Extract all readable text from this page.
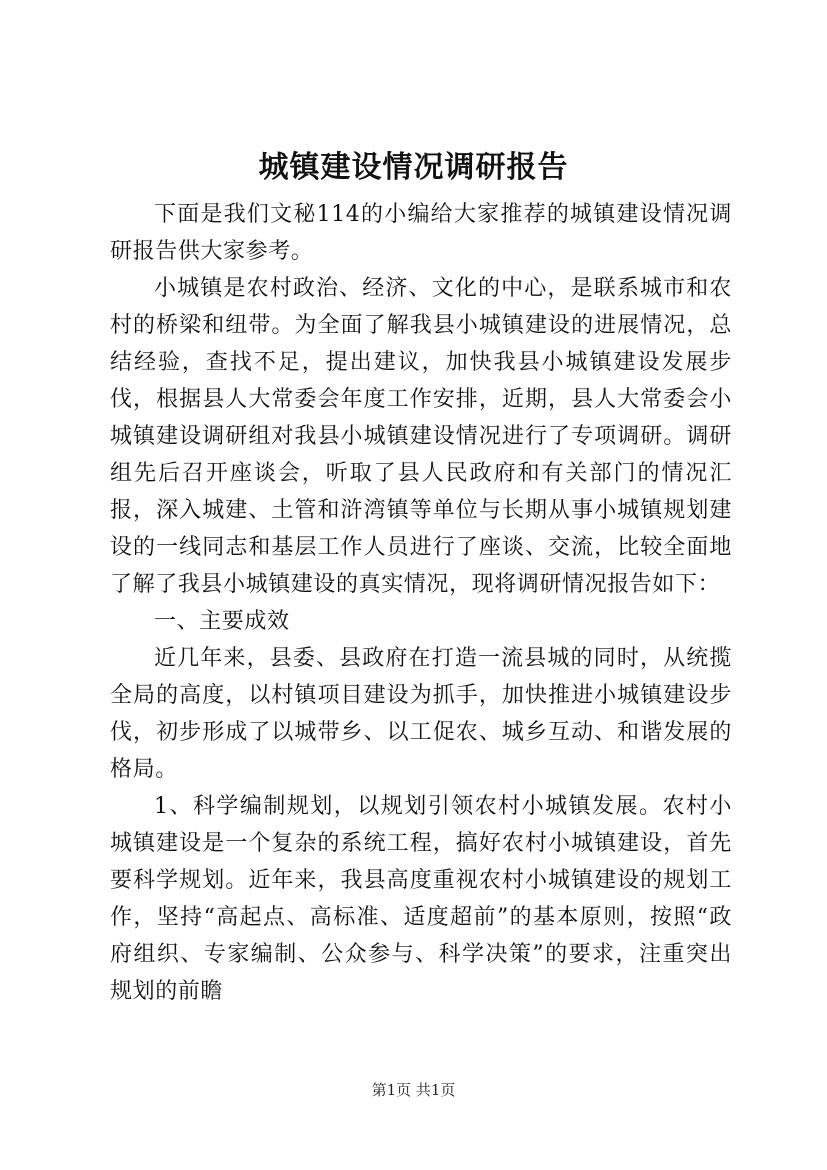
城镇建设情况调研报告

下面是我们文秘114的小编给大家推荐的城镇建设情况调研报告供大家参考。

小城镇是农村政治、经济、文化的中心，是联系城市和农村的桥梁和纽带。为全面了解我县小城镇建设的进展情况，总结经验，查找不足，提出建议，加快我县小城镇建设发展步伐，根据县人大常委会年度工作安排，近期，县人大常委会小城镇建设调研组对我县小城镇建设情况进行了专项调研。调研组先后召开座谈会，听取了县人民政府和有关部门的情况汇报，深入城建、土管和浒湾镇等单位与长期从事小城镇规划建设的一线同志和基层工作人员进行了座谈、交流，比较全面地了解了我县小城镇建设的真实情况，现将调研情况报告如下：

一、主要成效

近几年来，县委、县政府在打造一流县城的同时，从统揽全局的高度，以村镇项目建设为抓手，加快推进小城镇建设步伐，初步形成了以城带乡、以工促农、城乡互动、和谐发展的格局。

1、科学编制规划，以规划引领农村小城镇发展。农村小城镇建设是一个复杂的系统工程，搞好农村小城镇建设，首先要科学规划。近年来，我县高度重视农村小城镇建设的规划工作，坚持“高起点、高标准、适度超前”的基本原则，按照“政府组织、专家编制、公众参与、科学决策”的要求，注重突出规划的前瞻

第1页 共1页
